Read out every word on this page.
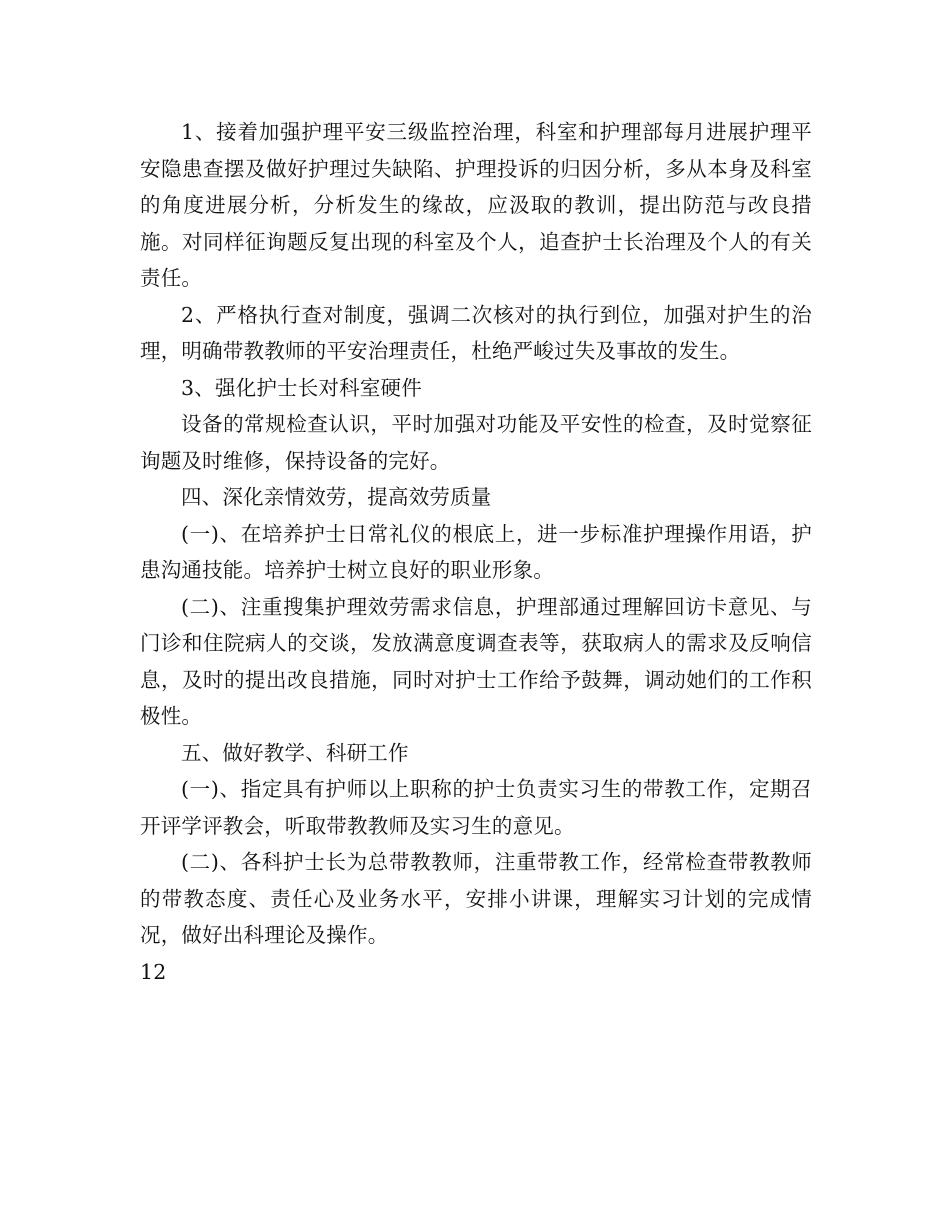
1、接着加强护理平安三级监控治理，科室和护理部每月进展护理平安隐患查摆及做好护理过失缺陷、护理投诉的归因分析，多从本身及科室的角度进展分析，分析发生的缘故，应汲取的教训，提出防范与改良措施。对同样征询题反复出现的科室及个人，追查护士长治理及个人的有关责任。

2、严格执行查对制度，强调二次核对的执行到位，加强对护生的治理，明确带教教师的平安治理责任，杜绝严峻过失及事故的发生。

3、强化护士长对科室硬件

设备的常规检查认识，平时加强对功能及平安性的检查，及时觉察征询题及时维修，保持设备的完好。

四、深化亲情效劳，提高效劳质量

(一)、在培养护士日常礼仪的根底上，进一步标准护理操作用语，护患沟通技能。培养护士树立良好的职业形象。

(二)、注重搜集护理效劳需求信息，护理部通过理解回访卡意见、与门诊和住院病人的交谈，发放满意度调查表等，获取病人的需求及反响信息，及时的提出改良措施，同时对护士工作给予鼓舞，调动她们的工作积极性。

五、做好教学、科研工作

(一)、指定具有护师以上职称的护士负责实习生的带教工作，定期召开评学评教会，听取带教教师及实习生的意见。

(二)、各科护士长为总带教教师，注重带教工作，经常检查带教教师的带教态度、责任心及业务水平，安排小讲课，理解实习计划的完成情况，做好出科理论及操作。

12
